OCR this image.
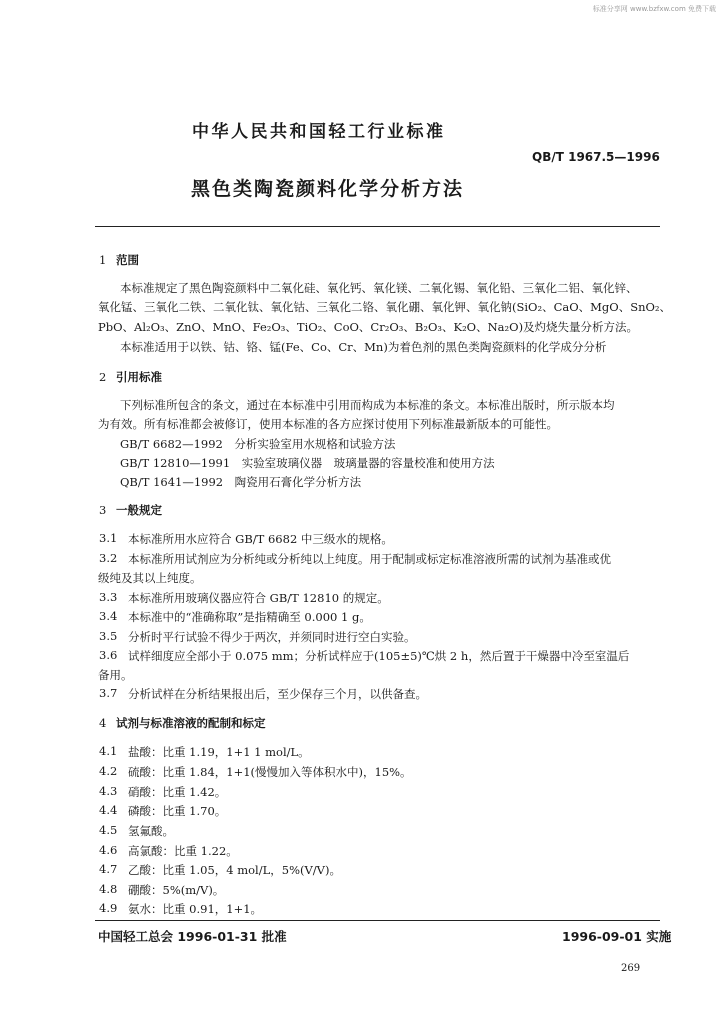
标准分享网 www.bzfxw.com 免费下载
中华人民共和国轻工行业标准
QB/T 1967.5—1996
黑色类陶瓷颜料化学分析方法
1 范围
本标准规定了黑色陶瓷颜料中二氧化硅、氧化钙、氧化镁、二氧化锡、氧化铅、三氧化二铝、氧化锌、
氧化锰、三氧化二铁、二氧化钛、氧化钴、三氧化二铬、氧化硼、氧化钾、氧化钠(SiO₂、CaO、MgO、SnO₂、
PbO、Al₂O₃、ZnO、MnO、Fe₂O₃、TiO₂、CoO、Cr₂O₃、B₂O₃、K₂O、Na₂O)及灼烧失量分析方法。
本标准适用于以铁、钴、铬、锰(Fe、Co、Cr、Mn)为着色剂的黑色类陶瓷颜料的化学成分分析
2 引用标准
下列标准所包含的条文，通过在本标准中引用而构成为本标准的条文。本标准出版时，所示版本均
为有效。所有标准都会被修订，使用本标准的各方应探讨使用下列标准最新版本的可能性。
GB/T 6682—1992　分析实验室用水规格和试验方法
GB/T 12810—1991　实验室玻璃仪器　玻璃量器的容量校准和使用方法
QB/T 1641—1992　陶瓷用石膏化学分析方法
3 一般规定
3.1 本标准所用水应符合 GB/T 6682 中三级水的规格。
3.2 本标准所用试剂应为分析纯或分析纯以上纯度。用于配制或标定标准溶液所需的试剂为基准或优
级纯及其以上纯度。
3.3 本标准所用玻璃仪器应符合 GB/T 12810 的规定。
3.4 本标准中的“准确称取”是指精确至 0.000 1 g。
3.5 分析时平行试验不得少于两次，并须同时进行空白实验。
3.6 试样细度应全部小于 0.075 mm；分析试样应于(105±5)℃烘 2 h，然后置于干燥器中冷至室温后
备用。
3.7 分析试样在分析结果报出后，至少保存三个月，以供备查。
4 试剂与标准溶液的配制和标定
4.1 盐酸：比重 1.19，1+1 1 mol/L。
4.2 硫酸：比重 1.84，1+1(慢慢加入等体积水中)，15%。
4.3 硝酸：比重 1.42。
4.4 磷酸：比重 1.70。
4.5 氢氟酸。
4.6 高氯酸：比重 1.22。
4.7 乙酸：比重 1.05，4 mol/L，5%(V/V)。
4.8 硼酸：5%(m/V)。
4.9 氨水：比重 0.91，1+1。
中国轻工总会 1996-01-31 批准	1996-09-01 实施
269
